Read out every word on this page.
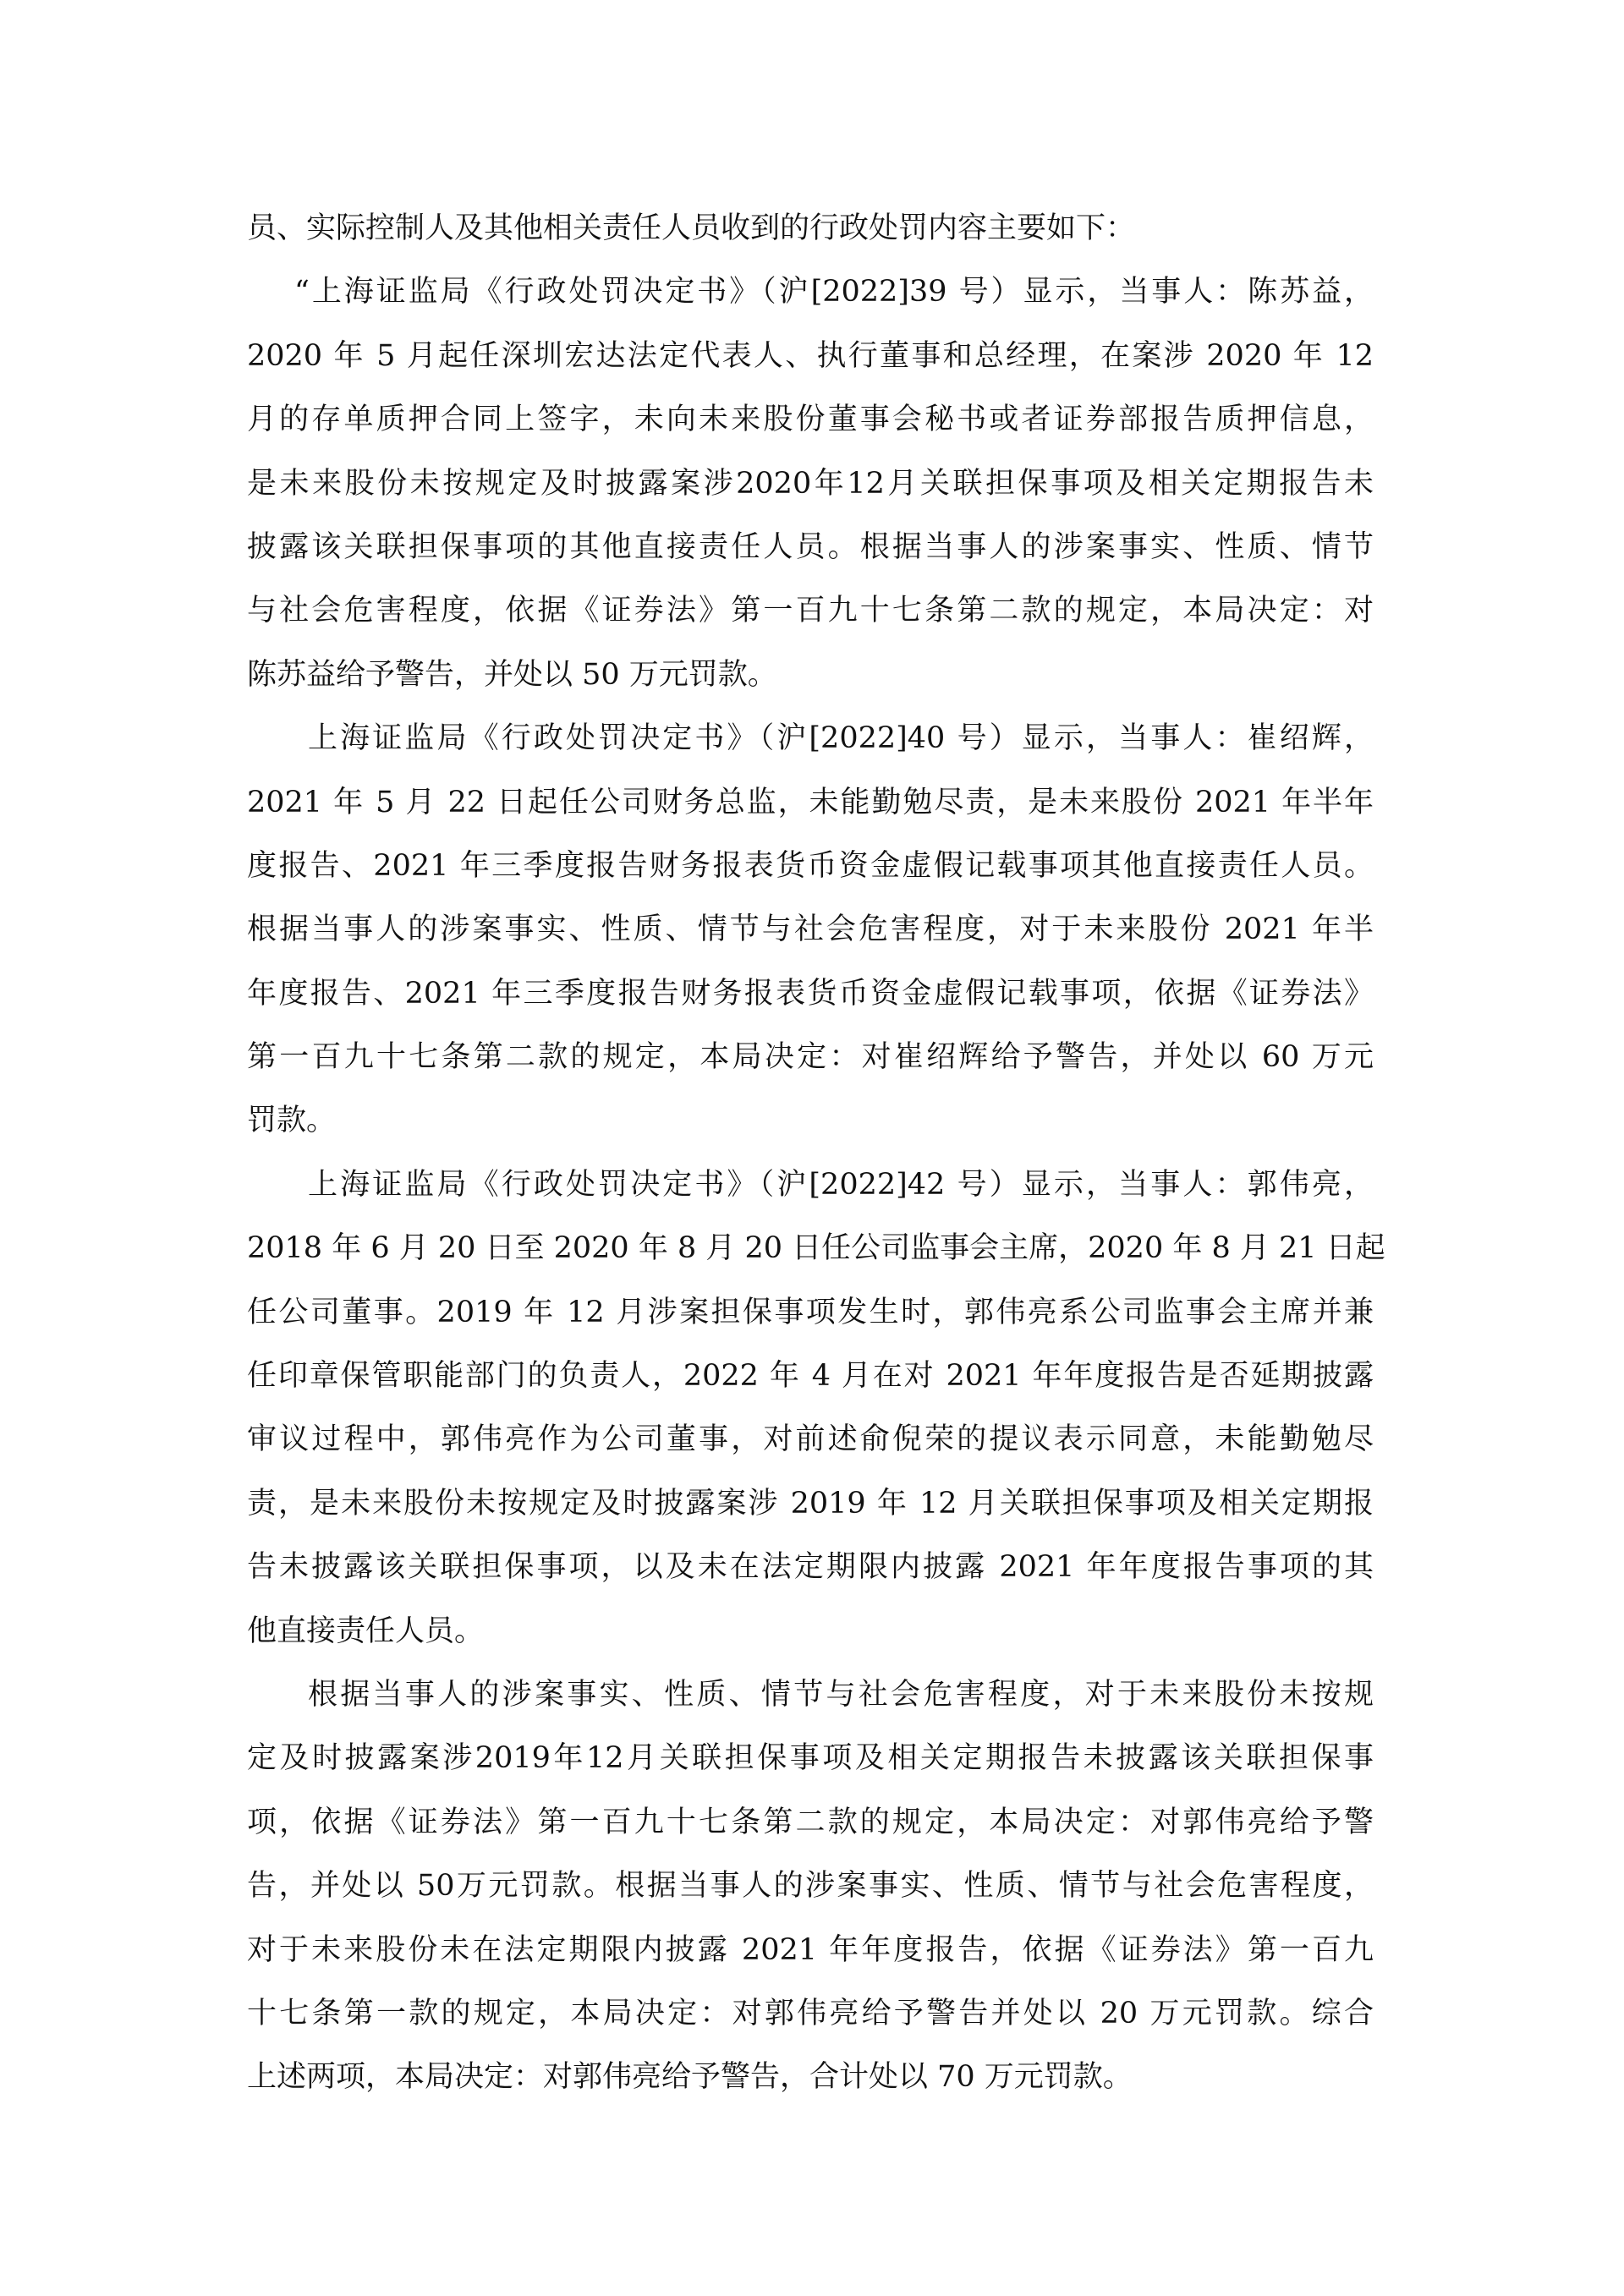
员、实际控制人及其他相关责任人员收到的行政处罚内容主要如下：
“上海证监局《行政处罚决定书》（沪[2022]39 号）显示，当事人：陈苏益，
2020 年 5 月起任深圳宏达法定代表人、执行董事和总经理，在案涉 2020 年 12
月的存单质押合同上签字，未向未来股份董事会秘书或者证券部报告质押信息，
是未来股份未按规定及时披露案涉2020年12月关联担保事项及相关定期报告未
披露该关联担保事项的其他直接责任人员。根据当事人的涉案事实、性质、情节
与社会危害程度，依据《证券法》第一百九十七条第二款的规定，本局决定：对
陈苏益给予警告，并处以 50 万元罚款。
上海证监局《行政处罚决定书》（沪[2022]40 号）显示，当事人：崔绍辉，
2021 年 5 月 22 日起任公司财务总监，未能勤勉尽责，是未来股份 2021 年半年
度报告、2021 年三季度报告财务报表货币资金虚假记载事项其他直接责任人员。
根据当事人的涉案事实、性质、情节与社会危害程度，对于未来股份 2021 年半
年度报告、2021 年三季度报告财务报表货币资金虚假记载事项，依据《证券法》
第一百九十七条第二款的规定，本局决定：对崔绍辉给予警告，并处以 60 万元
罚款。
上海证监局《行政处罚决定书》（沪[2022]42 号）显示，当事人：郭伟亮，
2018 年 6 月 20 日至 2020 年 8 月 20 日任公司监事会主席，2020 年 8 月 21 日起
任公司董事。2019 年 12 月涉案担保事项发生时，郭伟亮系公司监事会主席并兼
任印章保管职能部门的负责人，2022 年 4 月在对 2021 年年度报告是否延期披露
审议过程中，郭伟亮作为公司董事，对前述俞倪荣的提议表示同意，未能勤勉尽
责，是未来股份未按规定及时披露案涉 2019 年 12 月关联担保事项及相关定期报
告未披露该关联担保事项，以及未在法定期限内披露 2021 年年度报告事项的其
他直接责任人员。
根据当事人的涉案事实、性质、情节与社会危害程度，对于未来股份未按规
定及时披露案涉2019年12月关联担保事项及相关定期报告未披露该关联担保事
项，依据《证券法》第一百九十七条第二款的规定，本局决定：对郭伟亮给予警
告，并处以 50万元罚款。根据当事人的涉案事实、性质、情节与社会危害程度，
对于未来股份未在法定期限内披露 2021 年年度报告，依据《证券法》第一百九
十七条第一款的规定，本局决定：对郭伟亮给予警告并处以 20 万元罚款。综合
上述两项，本局决定：对郭伟亮给予警告，合计处以 70 万元罚款。
